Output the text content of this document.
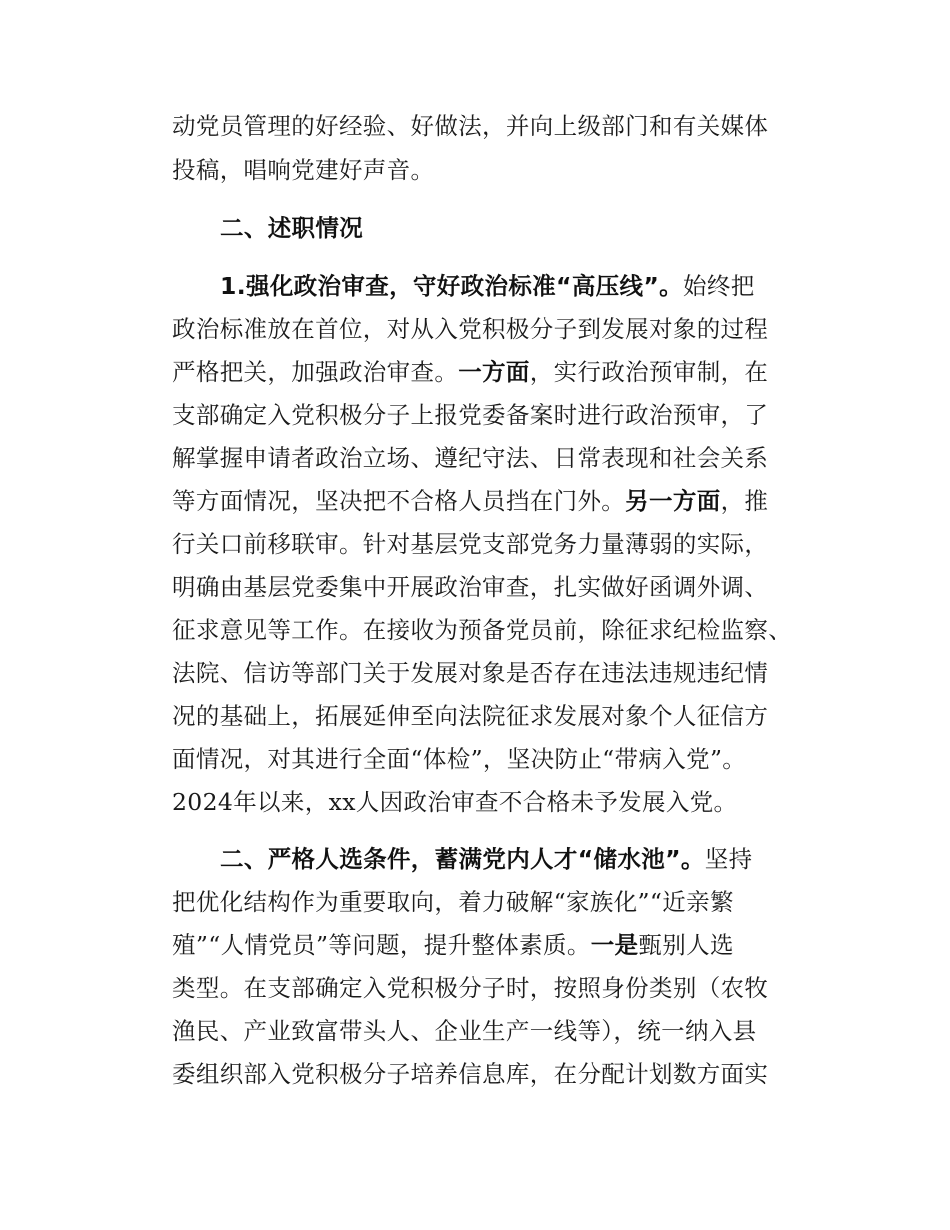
动党员管理的好经验、好做法，并向上级部门和有关媒体
投稿，唱响党建好声音。
二、述职情况
1.强化政治审查，守好政治标准“高压线”。始终把
政治标准放在首位，对从入党积极分子到发展对象的过程
严格把关，加强政治审查。一方面，实行政治预审制，在
支部确定入党积极分子上报党委备案时进行政治预审，了
解掌握申请者政治立场、遵纪守法、日常表现和社会关系
等方面情况，坚决把不合格人员挡在门外。另一方面，推
行关口前移联审。针对基层党支部党务力量薄弱的实际，
明确由基层党委集中开展政治审查，扎实做好函调外调、
征求意见等工作。在接收为预备党员前，除征求纪检监察、
法院、信访等部门关于发展对象是否存在违法违规违纪情
况的基础上，拓展延伸至向法院征求发展对象个人征信方
面情况，对其进行全面“体检”，坚决防止“带病入党”。
2024年以来，xx人因政治审查不合格未予发展入党。
二、严格人选条件，蓄满党内人才“储水池”。坚持
把优化结构作为重要取向，着力破解“家族化”“近亲繁
殖”“人情党员”等问题，提升整体素质。一是甄别人选
类型。在支部确定入党积极分子时，按照身份类别（农牧
渔民、产业致富带头人、企业生产一线等），统一纳入县
委组织部入党积极分子培养信息库，在分配计划数方面实
